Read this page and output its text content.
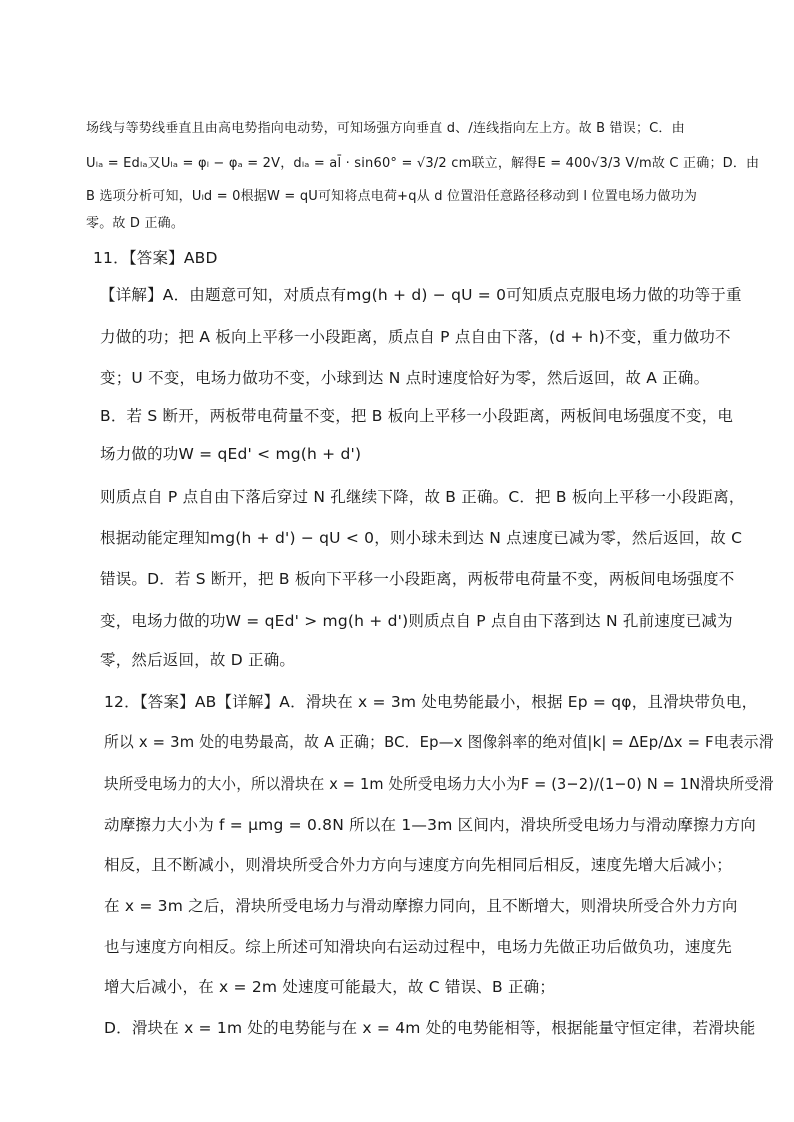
场线与等势线垂直且由高电势指向电动势，可知场强方向垂直 d、/连线指向左上方。故 B 错误；C．由
Uₗₐ = Edₗₐ又Uₗₐ = φₗ − φₐ = 2V，dₗₐ = al̄ · sin60° = √3/2 cm联立，解得E = 400√3/3 V/m故 C 正确；D．由
B 选项分析可知，Uₗd = 0根据W = qU可知将点电荷+q从 d 位置沿任意路径移动到 l 位置电场力做功为
零。故 D 正确。
11．【答案】ABD
【详解】A．由题意可知，对质点有mg(h + d) − qU = 0可知质点克服电场力做的功等于重
力做的功；把 A 板向上平移一小段距离，质点自 P 点自由下落，(d + h)不变，重力做功不
变；U 不变，电场力做功不变，小球到达 N 点时速度恰好为零，然后返回，故 A 正确。
B．若 S 断开，两板带电荷量不变，把 B 板向上平移一小段距离，两板间电场强度不变，电
场力做的功W = qEd' < mg(h + d')
则质点自 P 点自由下落后穿过 N 孔继续下降，故 B 正确。C．把 B 板向上平移一小段距离，
根据动能定理知mg(h + d') − qU < 0，则小球未到达 N 点速度已减为零，然后返回，故 C
错误。D．若 S 断开，把 B 板向下平移一小段距离，两板带电荷量不变，两板间电场强度不
变，电场力做的功W = qEd' > mg(h + d')则质点自 P 点自由下落到达 N 孔前速度已减为
零，然后返回，故 D 正确。
12．【答案】AB【详解】A．滑块在 x = 3m 处电势能最小，根据 Ep = qφ，且滑块带负电，
所以 x = 3m 处的电势最高，故 A 正确；BC．Ep—x 图像斜率的绝对值|k| = ΔEp/Δx = F电表示滑
块所受电场力的大小，所以滑块在 x = 1m 处所受电场力大小为F = (3−2)/(1−0) N = 1N滑块所受滑
动摩擦力大小为 f = μmg = 0.8N 所以在 1—3m 区间内，滑块所受电场力与滑动摩擦力方向
相反，且不断减小，则滑块所受合外力方向与速度方向先相同后相反，速度先增大后减小；
在 x = 3m 之后，滑块所受电场力与滑动摩擦力同向，且不断增大，则滑块所受合外力方向
也与速度方向相反。综上所述可知滑块向右运动过程中，电场力先做正功后做负功，速度先
增大后减小，在 x = 2m 处速度可能最大，故 C 错误、B 正确；
D．滑块在 x = 1m 处的电势能与在 x = 4m 处的电势能相等，根据能量守恒定律，若滑块能
